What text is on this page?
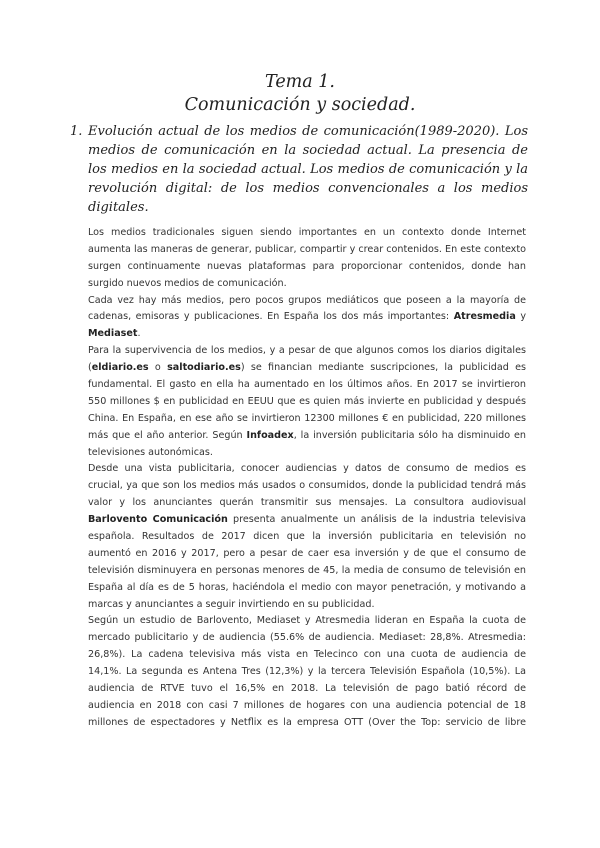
Tema 1.
Comunicación y sociedad.
1. Evolución actual de los medios de comunicación(1989-2020). Los
medios de comunicación en la sociedad actual. La presencia de
los medios en la sociedad actual. Los medios de comunicación y la
revolución digital: de los medios convencionales a los medios
digitales.
Los medios tradicionales siguen siendo importantes en un contexto donde Internet
aumenta las maneras de generar, publicar, compartir y crear contenidos. En este contexto
surgen continuamente nuevas plataformas para proporcionar contenidos, donde han
surgido nuevos medios de comunicación.
Cada vez hay más medios, pero pocos grupos mediáticos que poseen a la mayoría de
cadenas, emisoras y publicaciones. En España los dos más importantes: Atresmedia y
Mediaset.
Para la supervivencia de los medios, y a pesar de que algunos comos los diarios digitales
(eldiario.es o saltodiario.es) se financian mediante suscripciones, la publicidad es
fundamental. El gasto en ella ha aumentado en los últimos años. En 2017 se invirtieron
550 millones $ en publicidad en EEUU que es quien más invierte en publicidad y después
China. En España, en ese año se invirtieron 12300 millones € en publicidad, 220 millones
más que el año anterior. Según Infoadex, la inversión publicitaria sólo ha disminuido en
televisiones autonómicas.
Desde una vista publicitaria, conocer audiencias y datos de consumo de medios es
crucial, ya que son los medios más usados o consumidos, donde la publicidad tendrá más
valor y los anunciantes querán transmitir sus mensajes. La consultora audiovisual
Barlovento Comunicación presenta anualmente un análisis de la industria televisiva
española. Resultados de 2017 dicen que la inversión publicitaria en televisión no
aumentó en 2016 y 2017, pero a pesar de caer esa inversión y de que el consumo de
televisión disminuyera en personas menores de 45, la media de consumo de televisión en
España al día es de 5 horas, haciéndola el medio con mayor penetración, y motivando a
marcas y anunciantes a seguir invirtiendo en su publicidad.
Según un estudio de Barlovento, Mediaset y Atresmedia lideran en España la cuota de
mercado publicitario y de audiencia (55.6% de audiencia. Mediaset: 28,8%. Atresmedia:
26,8%). La cadena televisiva más vista en Telecinco con una cuota de audiencia de
14,1%. La segunda es Antena Tres (12,3%) y la tercera Televisión Española (10,5%). La
audiencia de RTVE tuvo el 16,5% en 2018. La televisión de pago batió récord de
audiencia en 2018 con casi 7 millones de hogares con una audiencia potencial de 18
millones de espectadores y Netflix es la empresa OTT (Over the Top: servicio de libre
